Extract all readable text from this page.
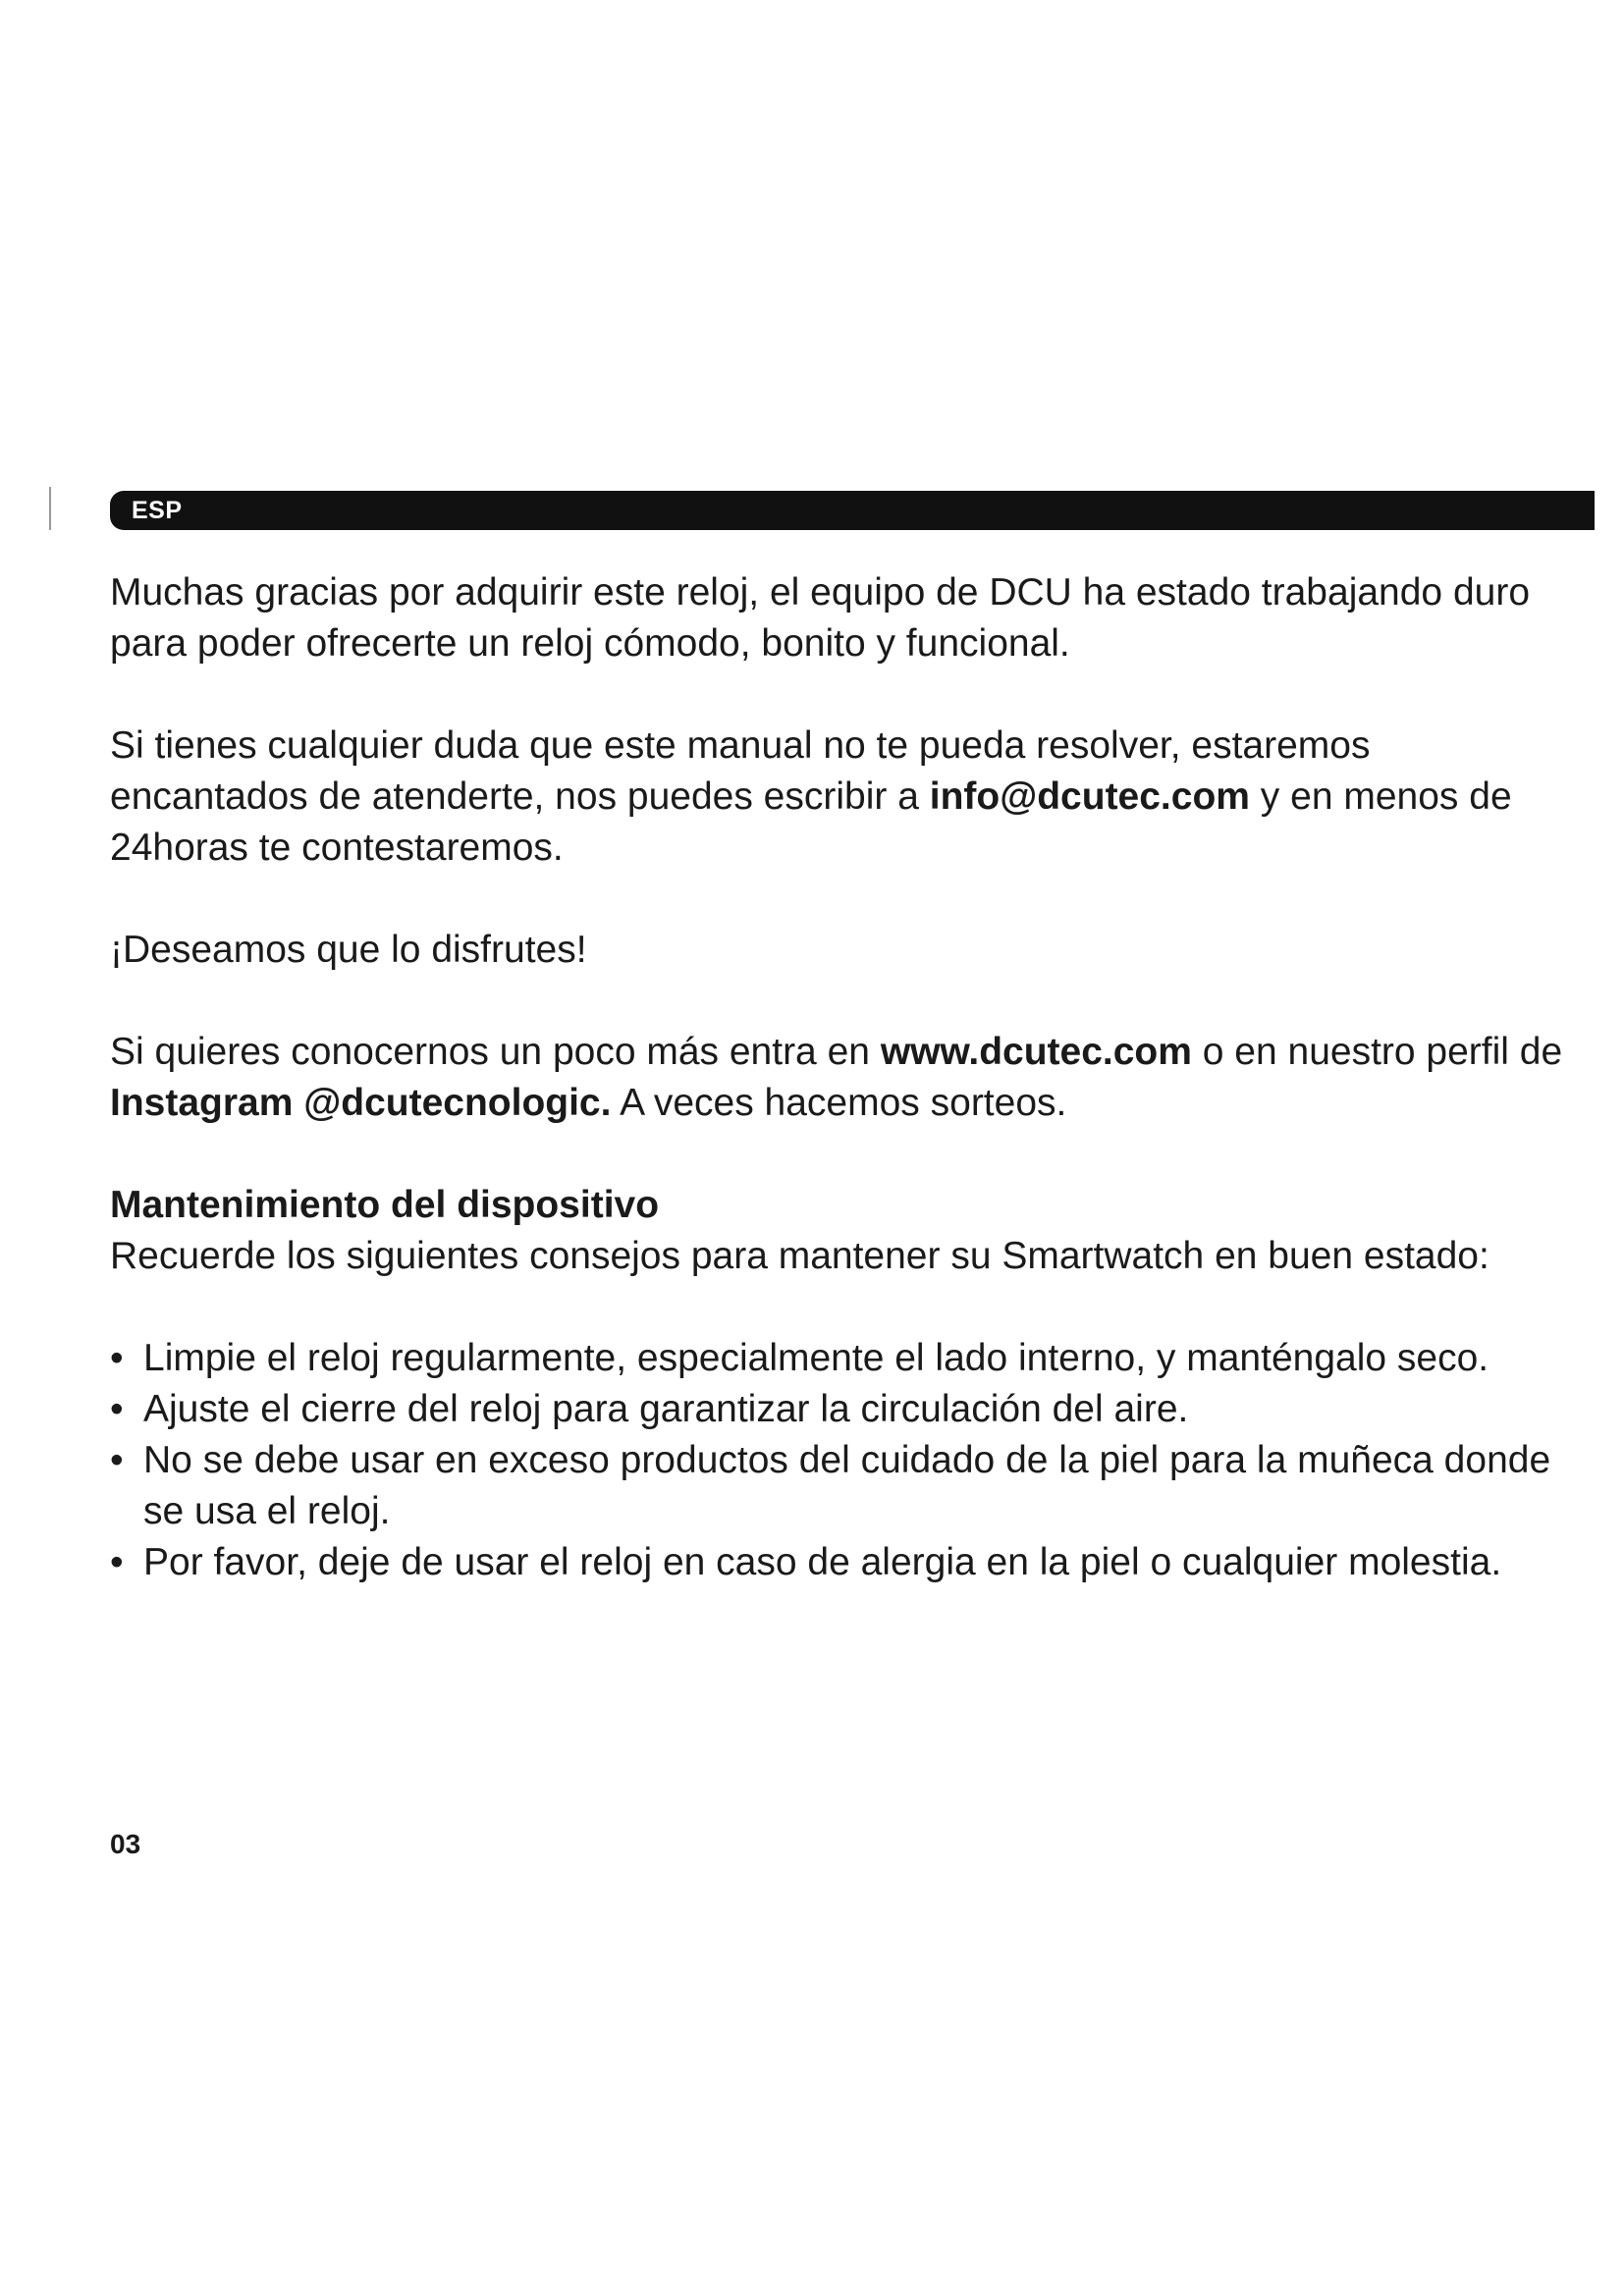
ESP

Muchas gracias por adquirir este reloj, el equipo de DCU ha estado trabajando duro para poder ofrecerte un reloj cómodo, bonito y funcional.

Si tienes cualquier duda que este manual no te pueda resolver, estaremos encantados de atenderte, nos puedes escribir a info@dcutec.com y en menos de 24horas te contestaremos.

¡Deseamos que lo disfrutes!

Si quieres conocernos un poco más entra en www.dcutec.com o en nuestro perfil de Instagram @dcutecnologic. A veces hacemos sorteos.

Mantenimiento del dispositivo

Recuerde los siguientes consejos para mantener su Smartwatch en buen estado:

• Limpie el reloj regularmente, especialmente el lado interno, y manténgalo seco.
• Ajuste el cierre del reloj para garantizar la circulación del aire.
• No se debe usar en exceso productos del cuidado de la piel para la muñeca donde se usa el reloj.
• Por favor, deje de usar el reloj en caso de alergia en la piel o cualquier molestia.
03
